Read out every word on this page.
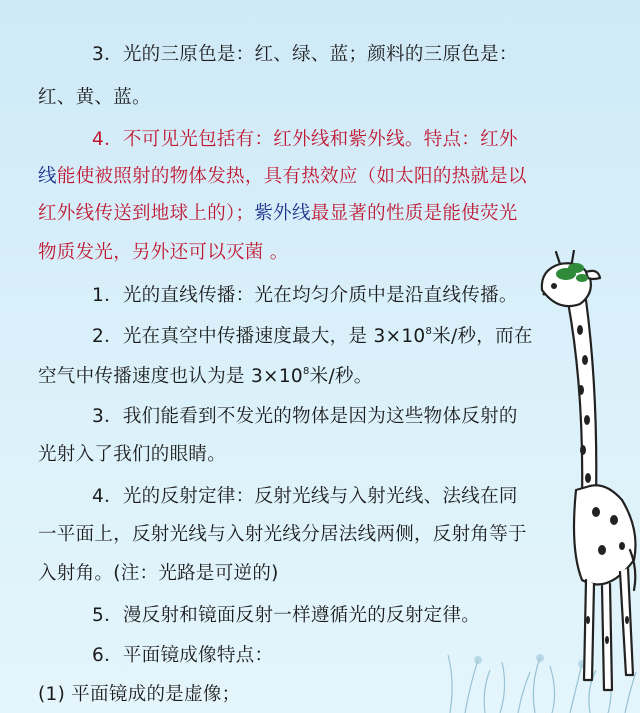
3．光的三原色是：红、绿、蓝；颜料的三原色是：
红、黄、蓝。
4．不可见光包括有：红外线和紫外线。特点：红外
线能使被照射的物体发热，具有热效应（如太阳的热就是以
红外线传送到地球上的）；紫外线最显著的性质是能使荧光
物质发光，另外还可以灭菌 。
1．光的直线传播：光在均匀介质中是沿直线传播。
2．光在真空中传播速度最大，是 $3\times 10^8$米/秒，而在
空气中传播速度也认为是 $3\times 10^8$米/秒。
3．我们能看到不发光的物体是因为这些物体反射的
光射入了我们的眼睛。
4．光的反射定律：反射光线与入射光线、法线在同
一平面上，反射光线与入射光线分居法线两侧，反射角等于
入射角。(注：光路是可逆的)
5．漫反射和镜面反射一样遵循光的反射定律。
6．平面镜成像特点：
(1) 平面镜成的是虚像；
